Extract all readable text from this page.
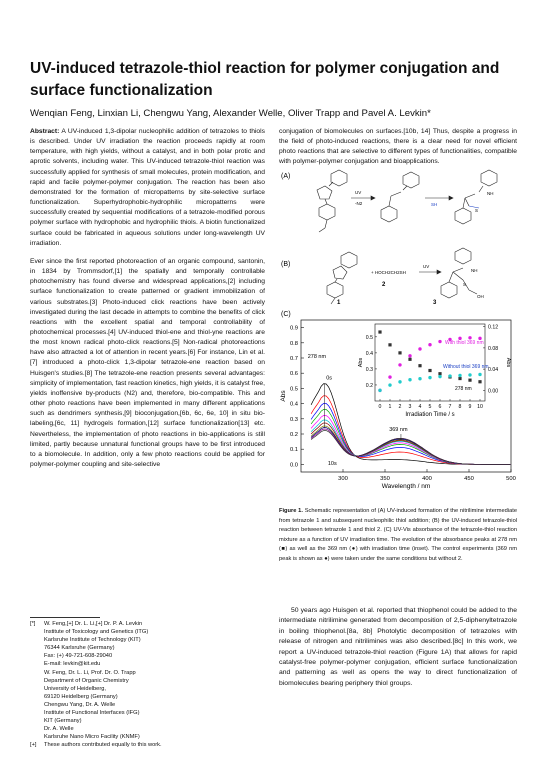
UV-induced tetrazole-thiol reaction for polymer conjugation and surface functionalization
Wenqian Feng, Linxian Li, Chengwu Yang, Alexander Welle, Oliver Trapp and Pavel A. Levkin*

Abstract: A UV-induced 1,3-dipolar nucleophilic addition of tetrazoles to thiols is described. Under UV irradiation the reaction proceeds rapidly at room temperature, with high yields, without a catalyst, and in both polar protic and aprotic solvents, including water. This UV-induced tetrazole-thiol reaction was successfully applied for synthesis of small molecules, protein modification, and rapid and facile polymer-polymer conjugation. The reaction has been also demonstrated for the formation of micropatterns by site-selective surface functionalization. Superhydrophobic-hydrophilic micropatterns were successfully created by sequential modifications of a tetrazole-modified porous polymer surface with hydrophobic and hydrophilic thiols. A biotin functionalized surface could be fabricated in aqueous solutions under long-wavelength UV irradiation.

Ever since the first reported photoreaction of an organic compound, santonin, in 1834 by Trommsdorf,[1] the spatially and temporally controllable photochemistry has found diverse and widespread applications,[2] including surface functionalization to create patterned or gradient immobilization of various substrates.[3] Photo-induced click reactions have been actively investigated during the last decade in attempts to combine the benefits of click reactions with the excellent spatial and temporal controllability of photochemical processes.[4] UV-induced thiol-ene and thiol-yne reactions are the most known radical photo-click reactions.[5] Non-radical photoreactions have also attracted a lot of attention in recent years.[6] For instance, Lin et al.[7] introduced a photo-click 1,3-dipolar tetrazole-ene reaction based on Huisgen's studies.[8] The tetrazole-ene reaction presents several advantages: simplicity of implementation, fast reaction kinetics, high yields, it is catalyst free, yields inoffensive by-products (N2) and, therefore, bio-compatible. This and other photo reactions have been implemented in many different applications such as dendrimers synthesis,[9] bioconjugation,[6b, 6c, 6e, 10] in situ bio-labeling,[6c, 11] hydrogels formation,[12] surface functionalization[13] etc. Nevertheless, the implementation of photo reactions in bio-applications is still limited, partly because unnatural functional groups have to be first introduced to a biomolecule. In addition, only a few photo reactions could be applied for polymer-polymer coupling and site-selective

[*]	W. Feng,[+] Dr. L. Li,[+] Dr. P. A. Levkin
Institute of Toxicology and Genetics (ITG)
Karlsruhe Institute of Technology (KIT)
76344 Karlsruhe (Germany)
Fax: (+) 49-721-608-29040
E-mail: levkin@kit.edu
W. Feng, Dr. L. Li, Prof. Dr. O. Trapp
Department of Organic Chemistry
University of Heidelberg,
69120 Heidelberg (Germany)
Chengwu Yang, Dr. A. Welle
Institute of Functional Interfaces (IFG)
KIT (Germany)
Dr. A. Welle
Karlsruhe Nano Micro Facility (KNMF)
[+]	These authors contributed equally to this work.

conjugation of biomolecules on surfaces.[10b, 14] Thus, despite a progress in the field of photo-induced reactions, there is a clear need for novel efficient photo reactions that are selective to different types of functionalities, compatible with polymer-polymer conjugation and bioapplications.

(A)
UV
-N2	SH
NH
S
(B)
+ HOCH2CH2SH
UV
1
2
3
OH
NH
S
(C)
0.0
0.1
0.2
0.3
0.4
0.5
0.6
0.7
0.8
0.9
300	350	400	450	500
Wavelength / nm
Abs
278 nm
0s
10s
369 nm
0 1 2 3 4 5 6 7 8 9 10
0.2
0.3
0.4
0.5
0.00
0.04
0.08
0.12
Irradiation Time / s
Abs	Abs
With thiol 369 nm
Without thiol 369 nm
278 nm
Figure 1. Schematic representation of (A) UV-induced formation of the nitrilimine intermediate from tetrazole 1 and subsequent nucleophilic thiol addition; (B) the UV-induced tetrazole-thiol reaction between tetrazole 1 and thiol 2. (C) UV-Vis absorbance of the tetrazole-thiol reaction mixture as a function of UV irradiation time. The evolution of the absorbance peaks at 278 nm (■) as well as the 369 nm (●) with irradiation time (inset). The control experiments (369 nm peak is shown as ●) were taken under the same conditions but without 2.
50 years ago Huisgen et al. reported that thiophenol could be added to the intermediate nitrilimine generated from decomposition of 2,5-diphenyltetrazole in boiling thiophenol.[8a, 8b] Photolytic decomposition of tetrazoles with release of nitrogen and nitrilimines was also described.[8c] In this work, we report a UV-induced tetrazole-thiol reaction (Figure 1A) that allows for rapid catalyst-free polymer-polymer conjugation, efficient surface functionalization and patterning as well as opens the way to direct functionalization of biomolecules bearing periphery thiol groups.
